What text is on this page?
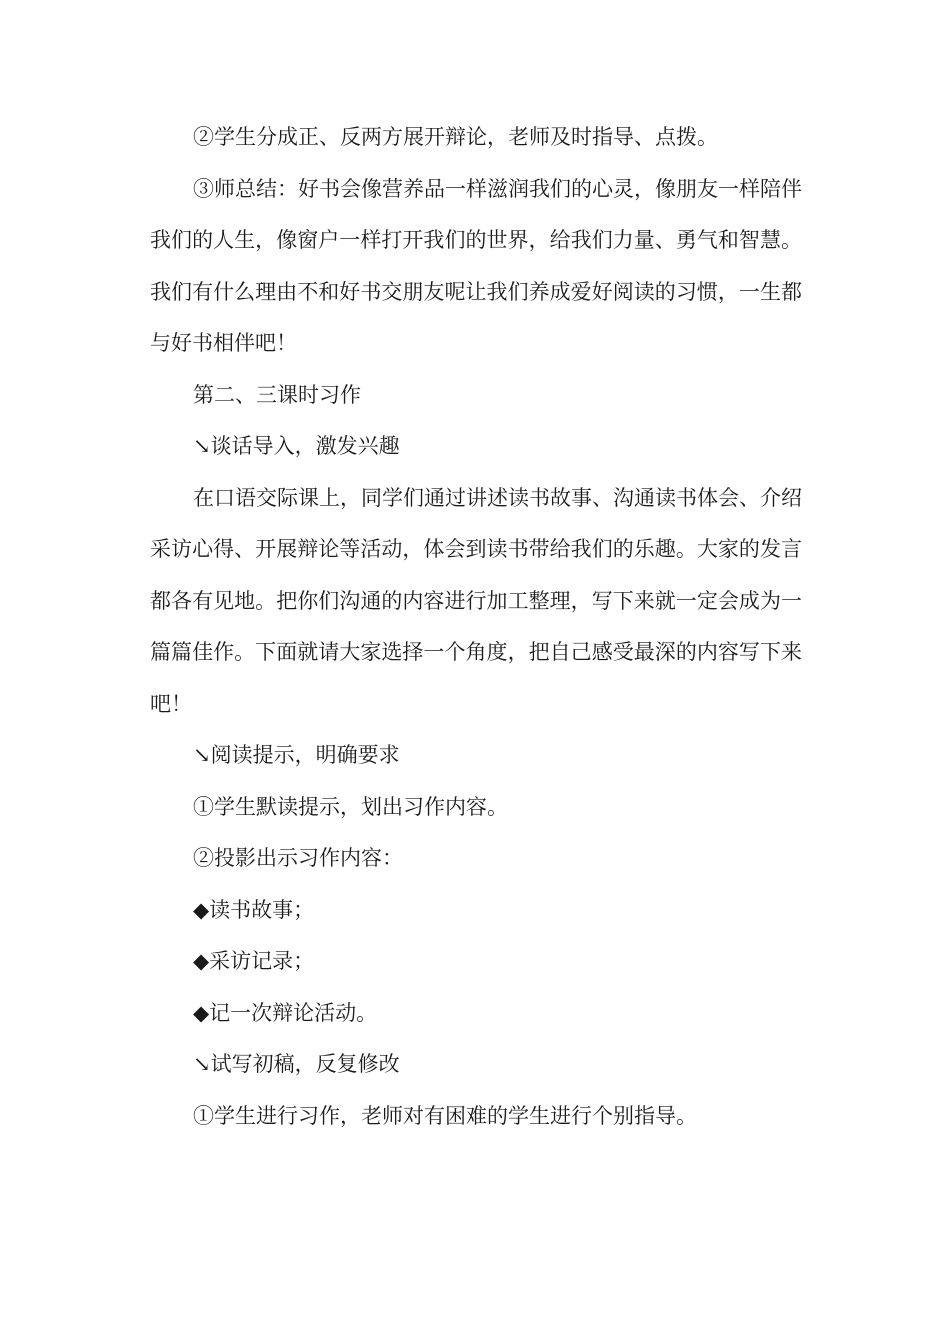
②学生分成正、反两方展开辩论，老师及时指导、点拨。

③师总结：好书会像营养品一样滋润我们的心灵，像朋友一样陪伴我们的人生，像窗户一样打开我们的世界，给我们力量、勇气和智慧。我们有什么理由不和好书交朋友呢让我们养成爱好阅读的习惯，一生都与好书相伴吧！

第二、三课时习作

↘谈话导入，激发兴趣

在口语交际课上，同学们通过讲述读书故事、沟通读书体会、介绍采访心得、开展辩论等活动，体会到读书带给我们的乐趣。大家的发言都各有见地。把你们沟通的内容进行加工整理，写下来就一定会成为一篇篇佳作。下面就请大家选择一个角度，把自己感受最深的内容写下来吧！

↘阅读提示，明确要求

①学生默读提示，划出习作内容。

②投影出示习作内容：

◆读书故事；

◆采访记录；

◆记一次辩论活动。

↘试写初稿，反复修改

①学生进行习作，老师对有困难的学生进行个别指导。
